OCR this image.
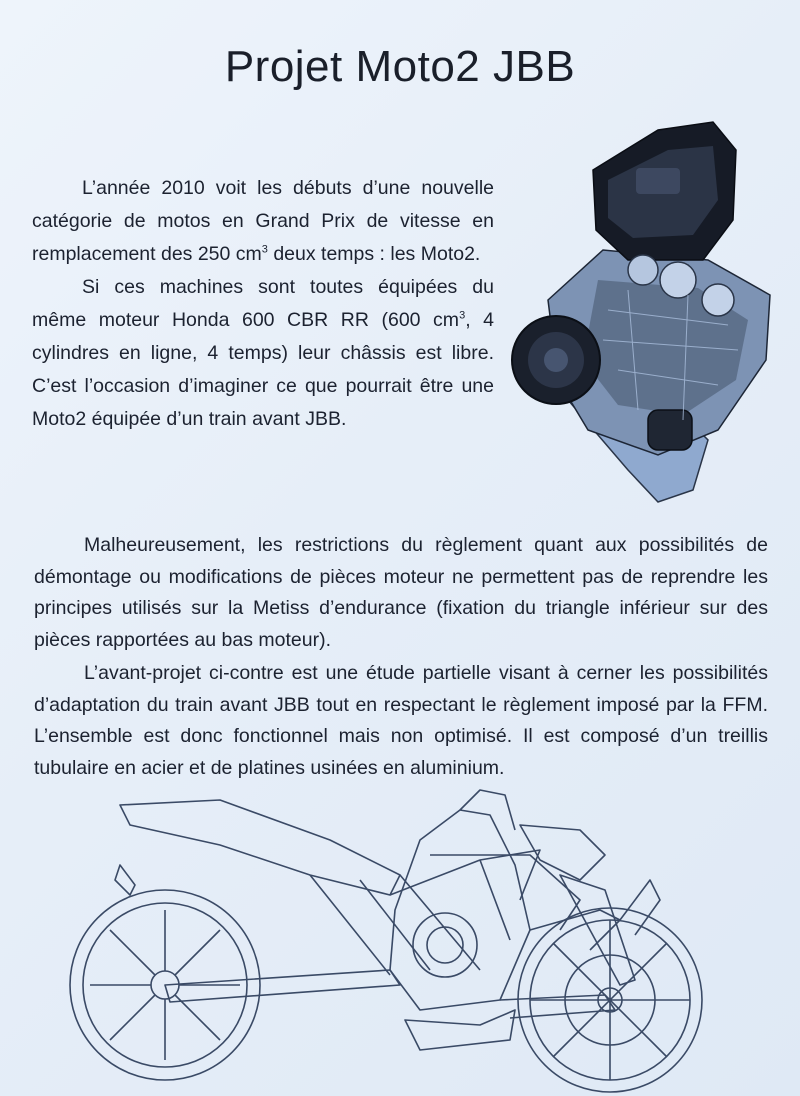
Projet Moto2 JBB

L’année 2010 voit les débuts d’une nouvelle catégorie de motos en Grand Prix de vitesse en remplacement des 250 $cm^3$ deux temps : les Moto2.

Si ces machines sont toutes équipées du même moteur Honda 600 CBR RR (600 $cm^3$, 4 cylindres en ligne, 4 temps) leur châssis est libre. C’est l’occasion d’imaginer ce que pourrait être une Moto2 équipée d’un train avant JBB.

Malheureusement, les restrictions du règlement quant aux possibilités de démontage ou modifications de pièces moteur ne permettent pas de reprendre les principes utilisés sur la Metiss d’endurance (fixation du triangle inférieur sur des pièces rapportées au bas moteur).

L’avant-projet ci-contre est une étude partielle visant à cerner les possibilités d’adaptation du train avant JBB tout en respectant le règlement imposé par la FFM. L’ensemble est donc fonctionnel mais non optimisé. Il est composé d’un treillis tubulaire en acier et de platines usinées en aluminium.
